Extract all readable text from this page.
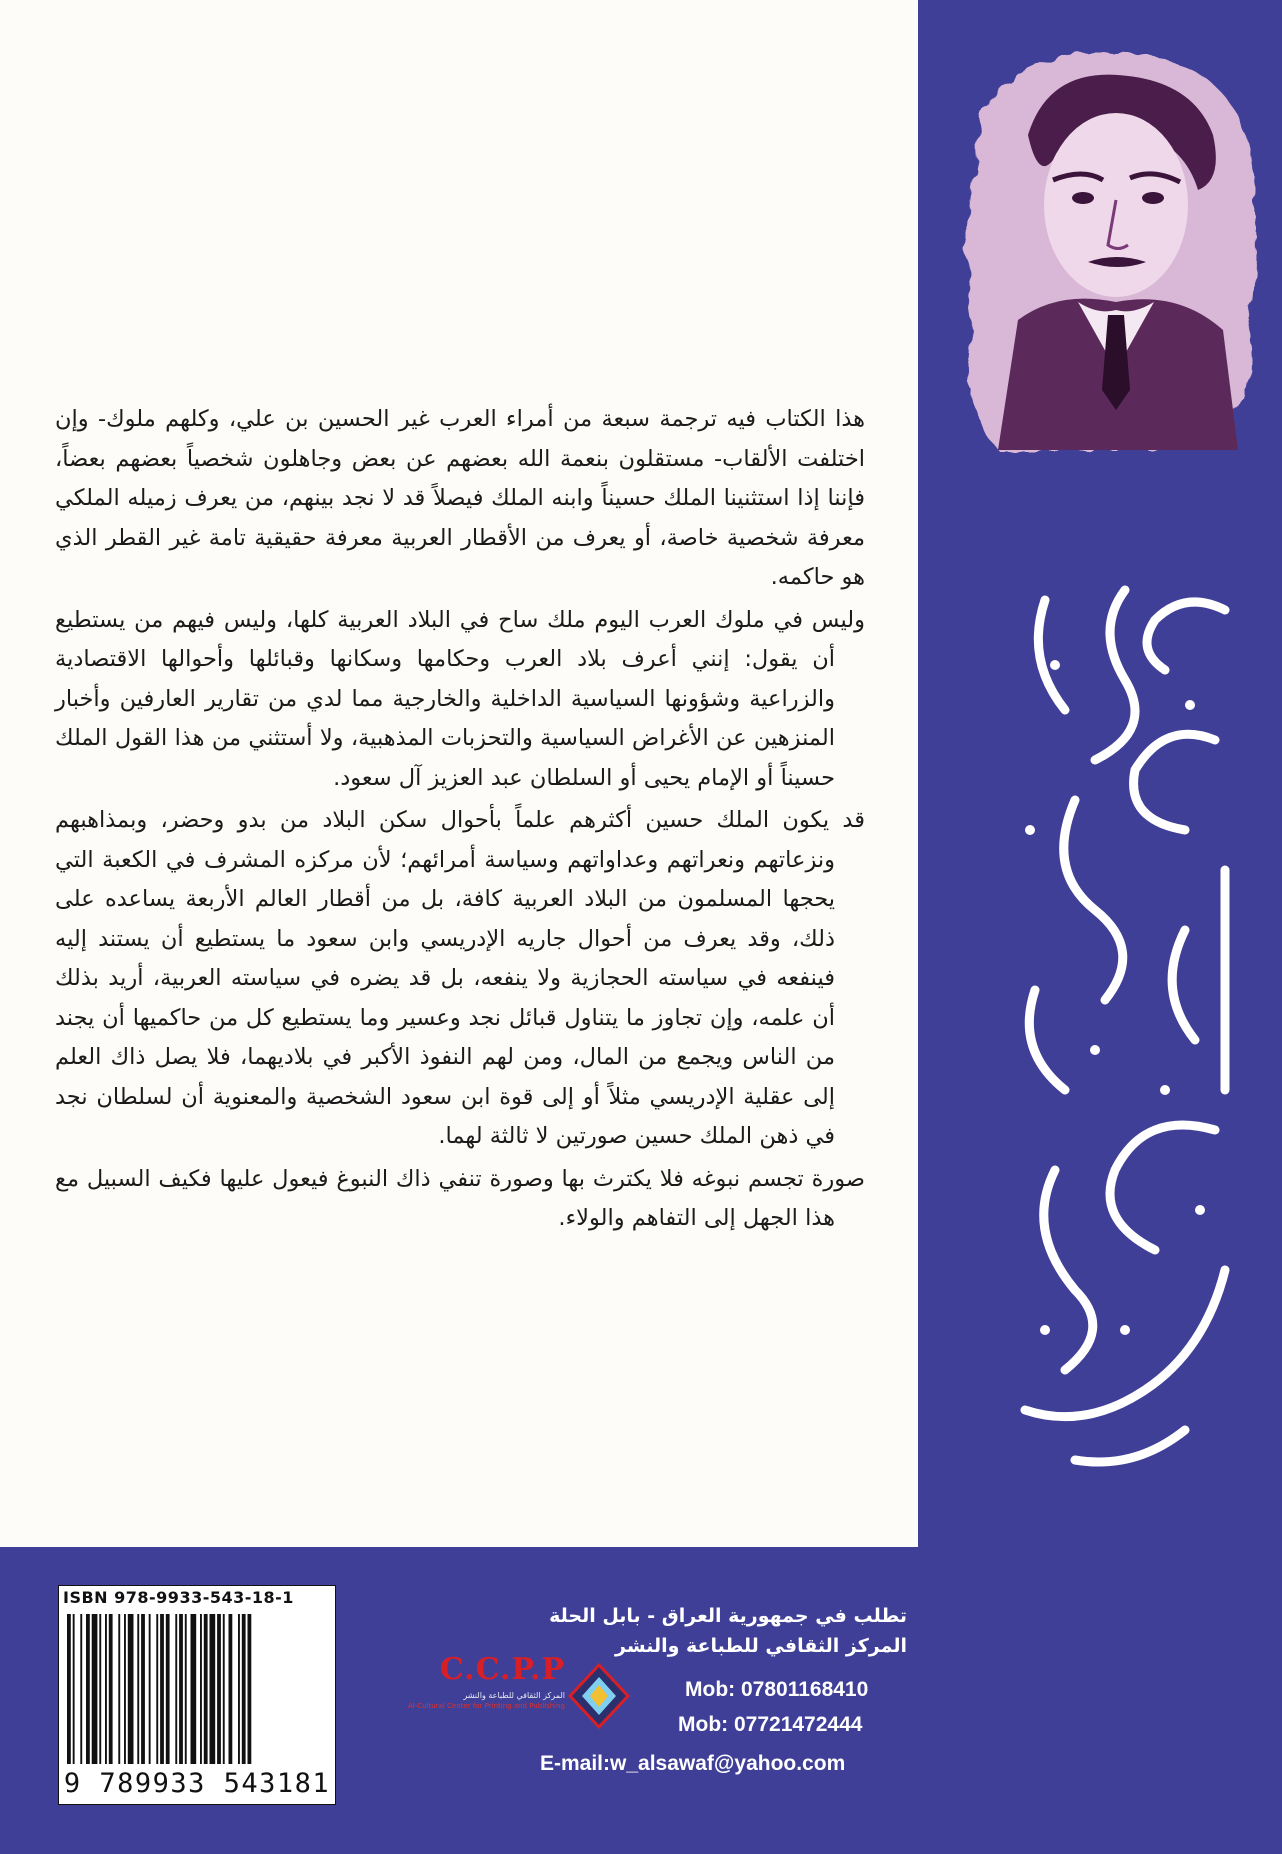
هذا الكتاب فيه ترجمة سبعة من أمراء العرب غير الحسين بن علي، وكلهم ملوك- وإن اختلفت الألقاب- مستقلون بنعمة الله بعضهم عن بعض وجاهلون شخصياً بعضهم بعضاً، فإننا إذا استثنينا الملك حسيناً وابنه الملك فيصلاً قد لا نجد بينهم، من يعرف زميله الملكي معرفة شخصية خاصة، أو يعرف من الأقطار العربية معرفة حقيقية تامة غير القطر الذي هو حاكمه.

وليس في ملوك العرب اليوم ملك ساح في البلاد العربية كلها، وليس فيهم من يستطيع أن يقول: إنني أعرف بلاد العرب وحكامها وسكانها وقبائلها وأحوالها الاقتصادية والزراعية وشؤونها السياسية الداخلية والخارجية مما لدي من تقارير العارفين وأخبار المنزهين عن الأغراض السياسية والتحزبات المذهبية، ولا أستثني من هذا القول الملك حسيناً أو الإمام يحيى أو السلطان عبد العزيز آل سعود.

قد يكون الملك حسين أكثرهم علماً بأحوال سكن البلاد من بدو وحضر، وبمذاهبهم ونزعاتهم ونعراتهم وعداواتهم وسياسة أمرائهم؛ لأن مركزه المشرف في الكعبة التي يحجها المسلمون من البلاد العربية كافة، بل من أقطار العالم الأربعة يساعده على ذلك، وقد يعرف من أحوال جاريه الإدريسي وابن سعود ما يستطيع أن يستند إليه فينفعه في سياسته الحجازية ولا ينفعه، بل قد يضره في سياسته العربية، أريد بذلك أن علمه، وإن تجاوز ما يتناول قبائل نجد وعسير وما يستطيع كل من حاكميها أن يجند من الناس ويجمع من المال، ومن لهم النفوذ الأكبر في بلاديهما، فلا يصل ذاك العلم إلى عقلية الإدريسي مثلاً أو إلى قوة ابن سعود الشخصية والمعنوية أن لسلطان نجد في ذهن الملك حسين صورتين لا ثالثة لهما.

صورة تجسم نبوغه فلا يكترث بها وصورة تنفي ذاك النبوغ فيعول عليها فكيف السبيل مع هذا الجهل إلى التفاهم والولاء.

ISBN 978-9933-543-18-1
9 789933 543181
C.C.P.P
المركز الثقافي للطباعة والنشر
Al-Cultural Center for Printing and Publishing
تطلب في جمهورية العراق - بابل الحلة
المركز الثقافي للطباعة والنشر
Mob: 07801168410
Mob: 07721472444
E-mail:w_alsawaf@yahoo.com
